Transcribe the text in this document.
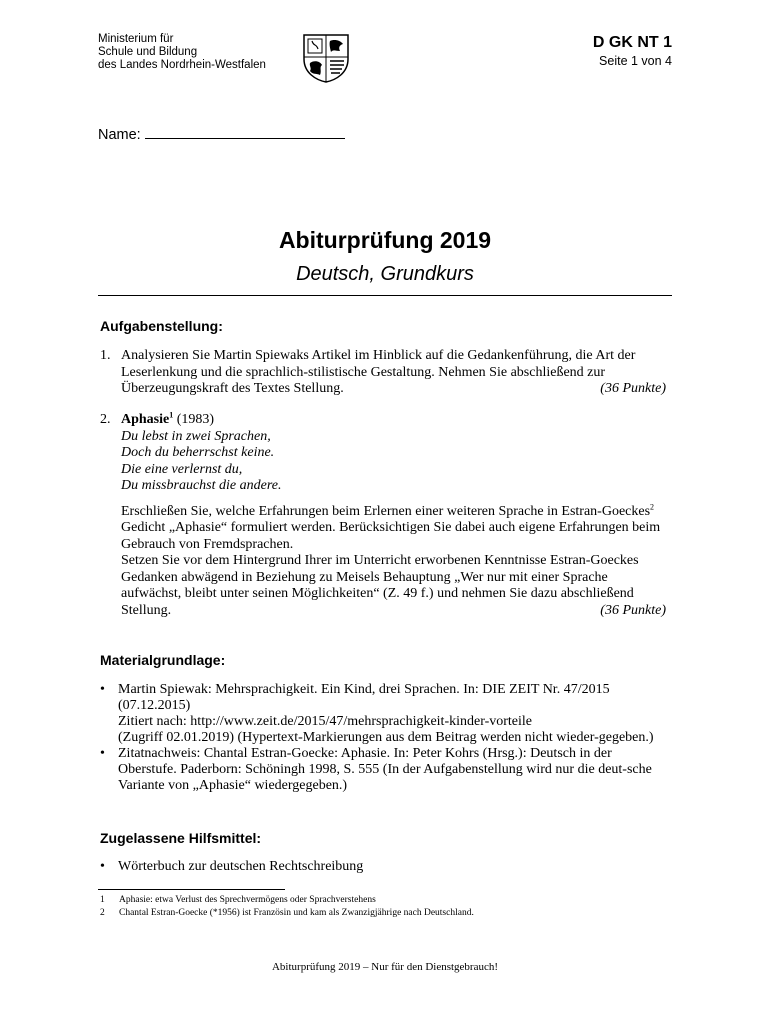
Ministerium für
Schule und Bildung
des Landes Nordrhein-Westfalen
D GK NT 1
Seite 1 von 4
Name:
Abiturprüfung 2019
Deutsch, Grundkurs
Aufgabenstellung:
1. Analysieren Sie Martin Spiewaks Artikel im Hinblick auf die Gedankenführung, die Art der Leserlenkung und die sprachlich-stilistische Gestaltung. Nehmen Sie abschließend zur Überzeugungskraft des Textes Stellung.	(36 Punkte)
2. Aphasie$^1$ (1983)
Du lebst in zwei Sprachen,
Doch du beherrschst keine.
Die eine verlernst du,
Du missbrauchst die andere.
Erschließen Sie, welche Erfahrungen beim Erlernen einer weiteren Sprache in Estran-Goeckes$^2$ Gedicht „Aphasie“ formuliert werden. Berücksichtigen Sie dabei auch eigene Erfahrungen beim Gebrauch von Fremdsprachen.
Setzen Sie vor dem Hintergrund Ihrer im Unterricht erworbenen Kenntnisse Estran-Goeckes Gedanken abwägend in Beziehung zu Meisels Behauptung „Wer nur mit einer Sprache aufwächst, bleibt unter seinen Möglichkeiten“ (Z. 49 f.) und nehmen Sie dazu abschließend Stellung.	(36 Punkte)
Materialgrundlage:
• Martin Spiewak: Mehrsprachigkeit. Ein Kind, drei Sprachen. In: DIE ZEIT Nr. 47/2015 (07.12.2015)
Zitiert nach: http://www.zeit.de/2015/47/mehrsprachigkeit-kinder-vorteile
(Zugriff 02.01.2019) (Hypertext-Markierungen aus dem Beitrag werden nicht wieder-gegeben.)
• Zitatnachweis: Chantal Estran-Goecke: Aphasie. In: Peter Kohrs (Hrsg.): Deutsch in der Oberstufe. Paderborn: Schöningh 1998, S. 555 (In der Aufgabenstellung wird nur die deut-sche Variante von „Aphasie“ wiedergegeben.)
Zugelassene Hilfsmittel:
• Wörterbuch zur deutschen Rechtschreibung
1 Aphasie: etwa Verlust des Sprechvermögens oder Sprachverstehens
2 Chantal Estran-Goecke (*1956) ist Französin und kam als Zwanzigjährige nach Deutschland.
Abiturprüfung 2019 – Nur für den Dienstgebrauch!
